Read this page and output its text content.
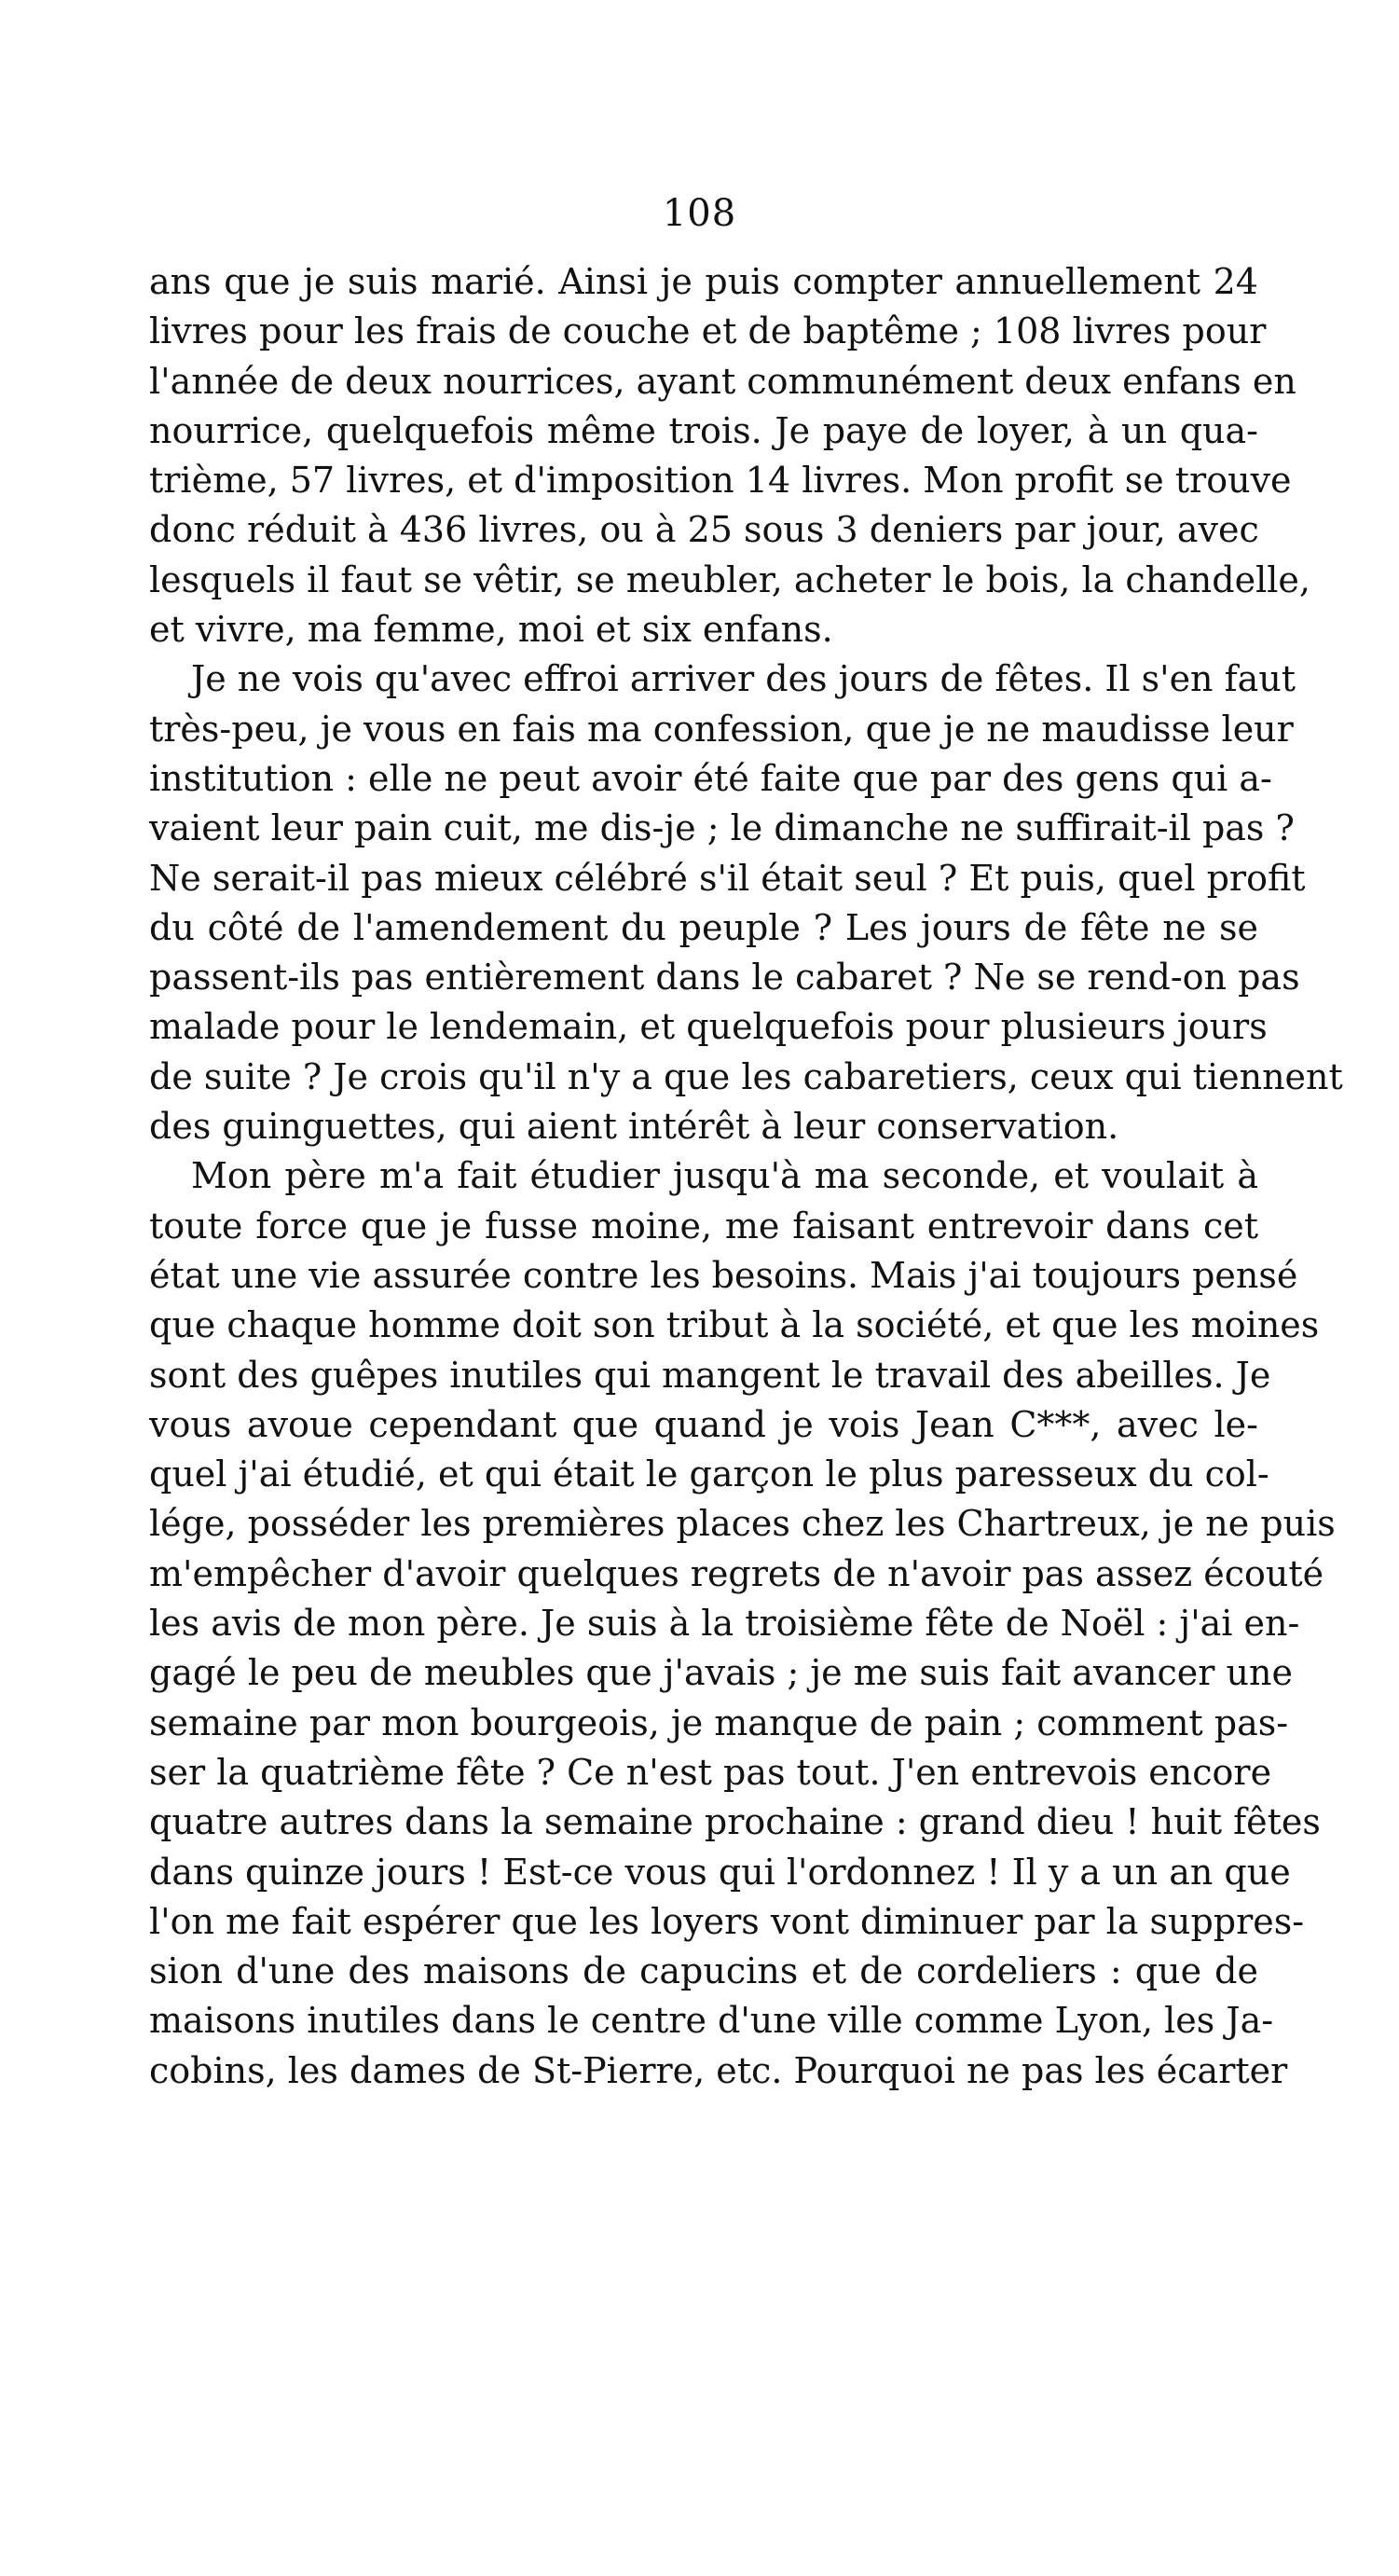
108
ans que je suis marié. Ainsi je puis compter annuellement 24
livres pour les frais de couche et de baptême ; 108 livres pour
l'année de deux nourrices, ayant communément deux enfans en
nourrice, quelquefois même trois. Je paye de loyer, à un qua-
trième, 57 livres, et d'imposition 14 livres. Mon profit se trouve
donc réduit à 436 livres, ou à 25 sous 3 deniers par jour, avec
lesquels il faut se vêtir, se meubler, acheter le bois, la chandelle,
et vivre, ma femme, moi et six enfans.
Je ne vois qu'avec effroi arriver des jours de fêtes. Il s'en faut
très-peu, je vous en fais ma confession, que je ne maudisse leur
institution : elle ne peut avoir été faite que par des gens qui a-
vaient leur pain cuit, me dis-je ; le dimanche ne suffirait-il pas ?
Ne serait-il pas mieux célébré s'il était seul ? Et puis, quel profit
du côté de l'amendement du peuple ? Les jours de fête ne se
passent-ils pas entièrement dans le cabaret ? Ne se rend-on pas
malade pour le lendemain, et quelquefois pour plusieurs jours
de suite ? Je crois qu'il n'y a que les cabaretiers, ceux qui tiennent
des guinguettes, qui aient intérêt à leur conservation.
Mon père m'a fait étudier jusqu'à ma seconde, et voulait à
toute force que je fusse moine, me faisant entrevoir dans cet
état une vie assurée contre les besoins. Mais j'ai toujours pensé
que chaque homme doit son tribut à la société, et que les moines
sont des guêpes inutiles qui mangent le travail des abeilles. Je
vous avoue cependant que quand je vois Jean C***, avec le-
quel j'ai étudié, et qui était le garçon le plus paresseux du col-
lége, posséder les premières places chez les Chartreux, je ne puis
m'empêcher d'avoir quelques regrets de n'avoir pas assez écouté
les avis de mon père. Je suis à la troisième fête de Noël : j'ai en-
gagé le peu de meubles que j'avais ; je me suis fait avancer une
semaine par mon bourgeois, je manque de pain ; comment pas-
ser la quatrième fête ? Ce n'est pas tout. J'en entrevois encore
quatre autres dans la semaine prochaine : grand dieu ! huit fêtes
dans quinze jours ! Est-ce vous qui l'ordonnez ! Il y a un an que
l'on me fait espérer que les loyers vont diminuer par la suppres-
sion d'une des maisons de capucins et de cordeliers : que de
maisons inutiles dans le centre d'une ville comme Lyon, les Ja-
cobins, les dames de St-Pierre, etc. Pourquoi ne pas les écarter
